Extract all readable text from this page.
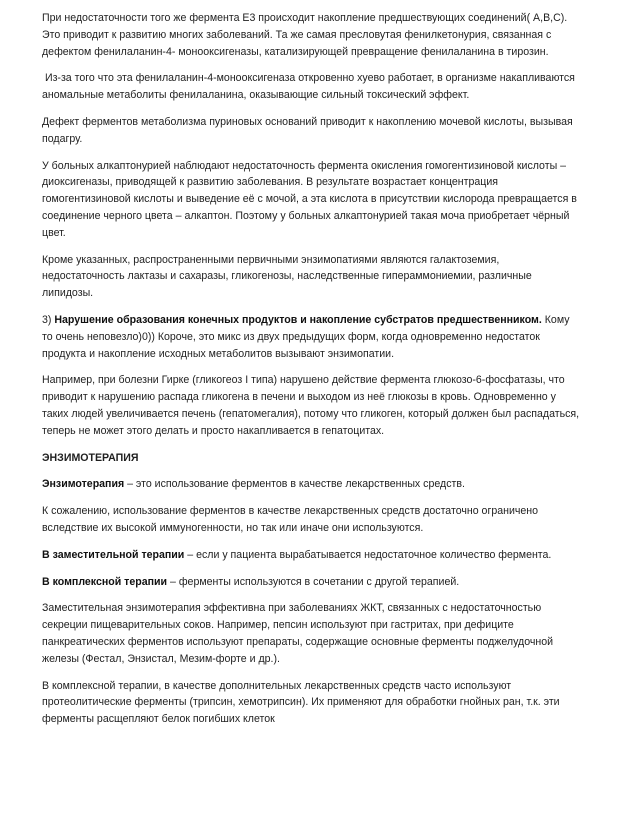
При недостаточности того же фермента Е3 происходит накопление предшествующих соединений( А,В,С). Это приводит к развитию многих заболеваний. Та же самая пресловутая фенилкетонурия, связанная с дефектом фенилаланин-4- монооксигеназы, катализирующей превращение фенилаланина в тирозин.

Из-за того что эта фенилаланин-4-монооксигеназа откровенно хуево работает, в организме накапливаются аномальные метаболиты фенилаланина, оказывающие сильный токсический эффект.

Дефект ферментов метаболизма пуриновых оснований приводит к накоплению мочевой кислоты, вызывая подагру.

У больных алкаптонурией наблюдают недостаточность фермента окисления гомогентизиновой кислоты – диоксигеназы, приводящей к развитию заболевания. В результате возрастает концентрация гомогентизиновой кислоты и выведение её с мочой, а эта кислота в присутствии кислорода превращается в соединение черного цвета – алкаптон. Поэтому у больных алкаптонурией такая моча приобретает чёрный цвет.

Кроме указанных, распространенными первичными энзимопатиями являются галактоземия, недостаточность лактазы и сахаразы, гликогенозы, наследственные гипераммониемии, различные липидозы.

3) Нарушение образования конечных продуктов и накопление субстратов предшественником. Кому то очень неповезло)0)) Короче, это микс из двух предыдущих форм, когда одновременно недостаток продукта и накопление исходных метаболитов вызывают энзимопатии.

Например, при болезни Гирке (гликогеоз I типа) нарушено действие фермента глюкозо-6-фосфатазы, что приводит к нарушению распада гликогена в печени и выходом из неё глюкозы в кровь. Одновременно у таких людей увеличивается печень (гепатомегалия), потому что гликоген, который должен был распадаться, теперь не может этого делать и просто накапливается в гепатоцитах.

ЭНЗИМОТЕРАПИЯ

Энзимотерапия – это использование ферментов в качестве лекарственных средств.

К сожалению, использование ферментов в качестве лекарственных средств достаточно ограничено вследствие их высокой иммуногенности, но так или иначе они используются.

В заместительной терапии – если у пациента вырабатывается недостаточное количество фермента.

В комплексной терапии – ферменты используются в сочетании с другой терапией.

Заместительная энзимотерапия эффективна при заболеваниях ЖКТ, связанных с недостаточностью секреции пищеварительных соков. Например, пепсин используют при гастритах, при дефиците панкреатических ферментов используют препараты, содержащие основные ферменты поджелудочной железы (Фестал, Энзистал, Мезим-форте и др.).

В комплексной терапии, в качестве дополнительных лекарственных средств часто используют протеолитические ферменты (трипсин, хемотрипсин). Их применяют для обработки гнойных ран, т.к. эти ферменты расщепляют белок погибших клеток
